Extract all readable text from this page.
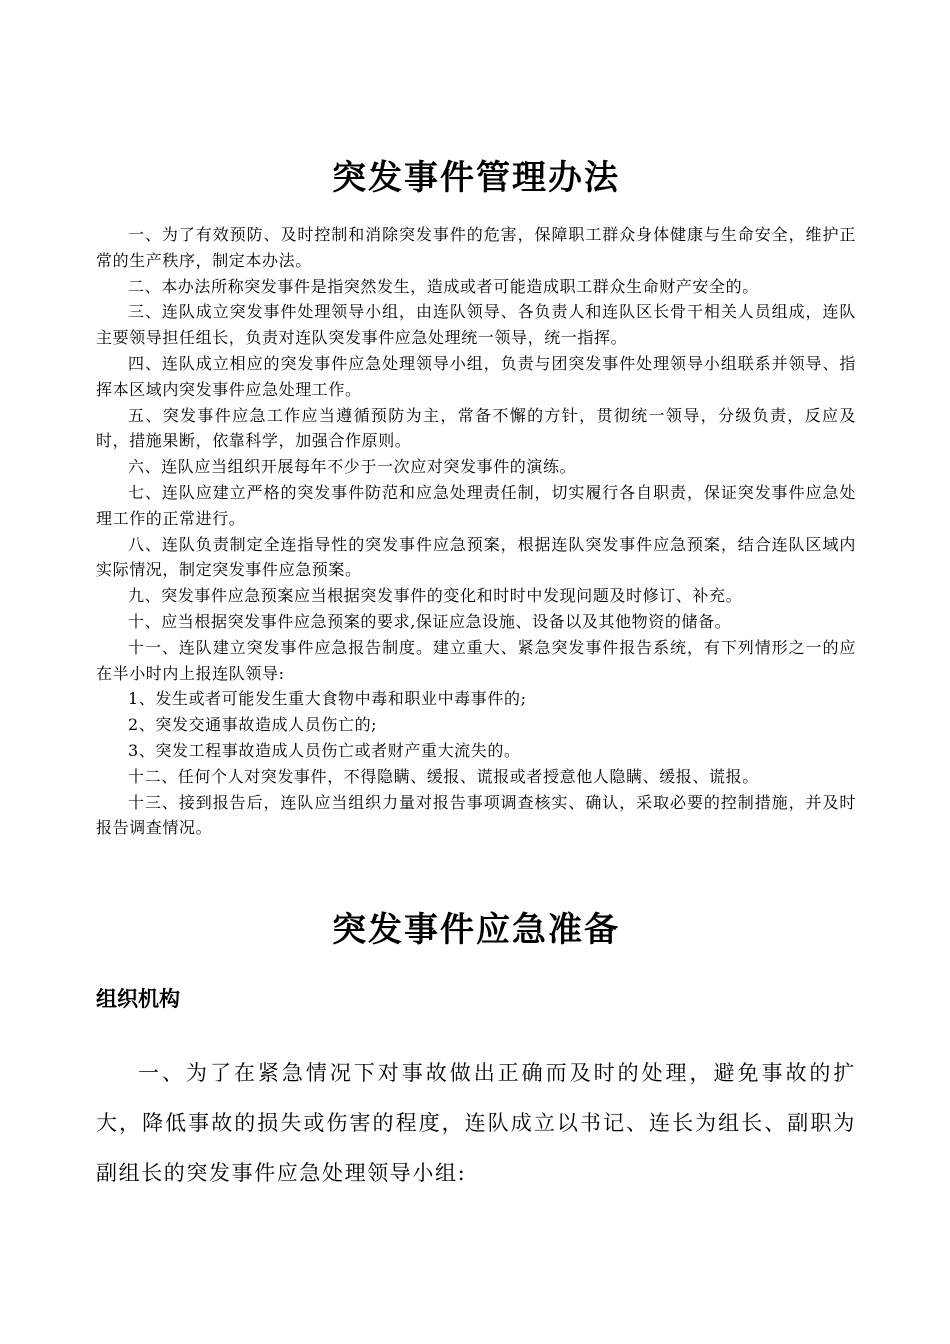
突发事件管理办法

一、为了有效预防、及时控制和消除突发事件的危害，保障职工群众身体健康与生命安全，维护正常的生产秩序，制定本办法。

二、本办法所称突发事件是指突然发生，造成或者可能造成职工群众生命财产安全的。

三、连队成立突发事件处理领导小组，由连队领导、各负责人和连队区长骨干相关人员组成，连队主要领导担任组长，负责对连队突发事件应急处理统一领导，统一指挥。

四、连队成立相应的突发事件应急处理领导小组，负责与团突发事件处理领导小组联系并领导、指挥本区域内突发事件应急处理工作。

五、突发事件应急工作应当遵循预防为主，常备不懈的方针，贯彻统一领导，分级负责，反应及时，措施果断，依靠科学，加强合作原则。

六、连队应当组织开展每年不少于一次应对突发事件的演练。

七、连队应建立严格的突发事件防范和应急处理责任制，切实履行各自职责，保证突发事件应急处理工作的正常进行。

八、连队负责制定全连指导性的突发事件应急预案，根据连队突发事件应急预案，结合连队区域内实际情况，制定突发事件应急预案。

九、突发事件应急预案应当根据突发事件的变化和时时中发现问题及时修订、补充。

十、应当根据突发事件应急预案的要求,保证应急设施、设备以及其他物资的储备。

十一、连队建立突发事件应急报告制度。建立重大、紧急突发事件报告系统，有下列情形之一的应在半小时内上报连队领导:

1、发生或者可能发生重大食物中毒和职业中毒事件的;

2、突发交通事故造成人员伤亡的;

3、突发工程事故造成人员伤亡或者财产重大流失的。

十二、任何个人对突发事件，不得隐瞒、缓报、谎报或者授意他人隐瞒、缓报、谎报。

十三、接到报告后，连队应当组织力量对报告事项调查核实、确认，采取必要的控制措施，并及时报告调查情况。

突发事件应急准备
组织机构

一、为了在紧急情况下对事故做出正确而及时的处理，避免事故的扩大，降低事故的损失或伤害的程度，连队成立以书记、连长为组长、副职为副组长的突发事件应急处理领导小组:
